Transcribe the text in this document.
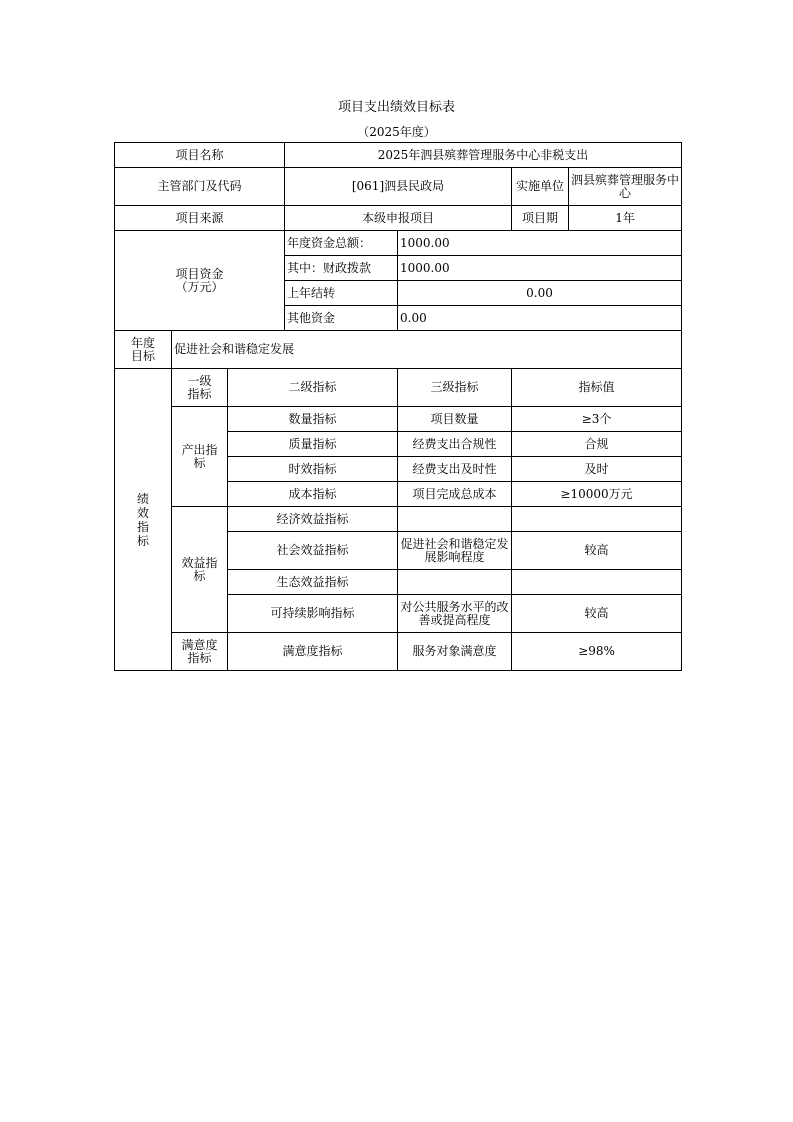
项目支出绩效目标表
（2025年度）
项目名称			2025年泗县殡葬管理服务中心非税支出			
主管部门及代码			[061]泗县民政局		实施单位	泗县殡葬管理服务中心
项目来源			本级申报项目		项目期	1年
项目资金（万元）			年度资金总额：	1000.00		
			其中：财政拨款	1000.00		
			上年结转	0.00		
			其他资金	0.00		
年度目标	促进社会和谐稳定发展					
绩效指标	一级指标	二级指标		三级指标	指标值	
	产出指标	数量指标		项目数量	≥3个	
		质量指标		经费支出合规性	合规	
		时效指标		经费支出及时性	及时	
		成本指标		项目完成总成本	≥10000万元	
	效益指标	经济效益指标				
		社会效益指标		促进社会和谐稳定发展影响程度	较高	
		生态效益指标				
		可持续影响指标		对公共服务水平的改善或提高程度	较高	
	满意度指标	满意度指标		服务对象满意度	≥98%	
